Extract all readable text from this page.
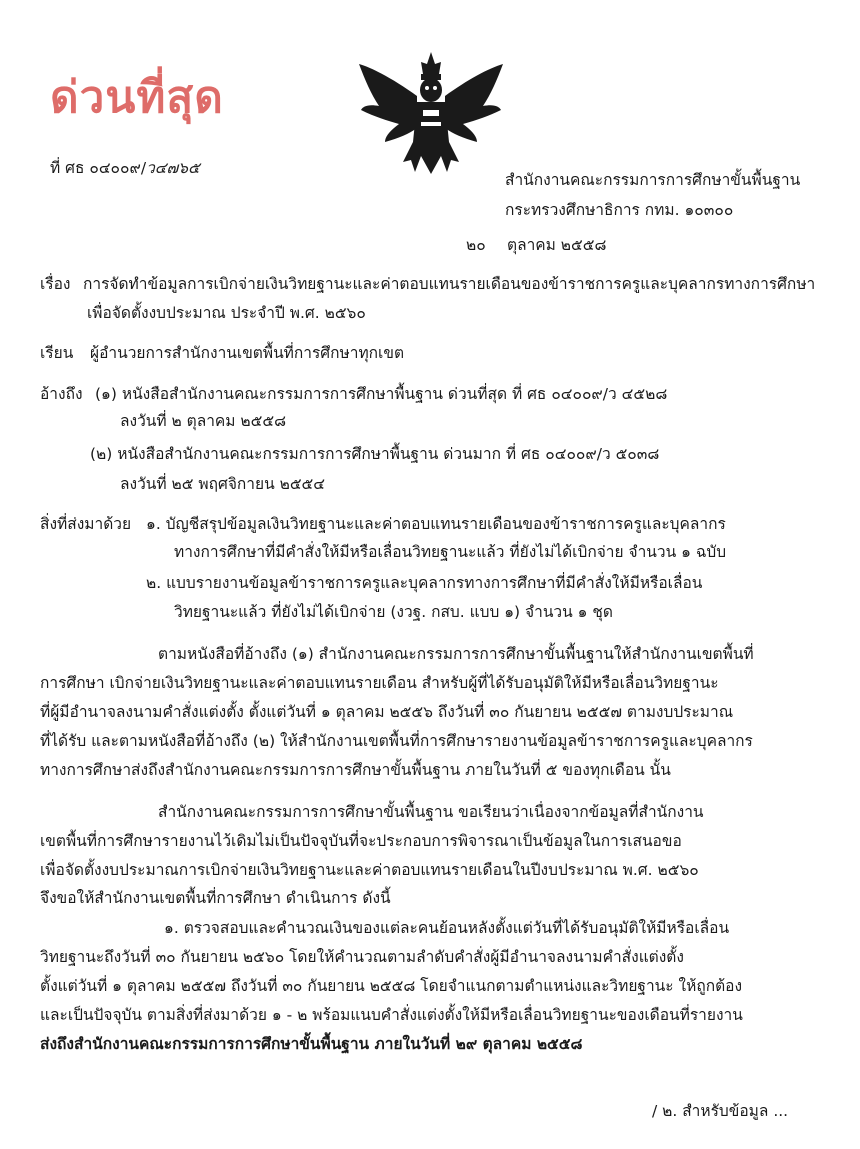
ด่วนที่สุด
ที่ ศธ ๐๔๐๐๙/ว๔๗๖๕
สำนักงานคณะกรรมการการศึกษาขั้นพื้นฐาน
กระทรวงศึกษาธิการ กทม. ๑๐๓๐๐
๒๐ ตุลาคม ๒๕๕๘
เรื่อง การจัดทำข้อมูลการเบิกจ่ายเงินวิทยฐานะและค่าตอบแทนรายเดือนของข้าราชการครูและบุคลากรทางการศึกษา
เพื่อจัดตั้งงบประมาณ ประจำปี พ.ศ. ๒๕๖๐
เรียน ผู้อำนวยการสำนักงานเขตพื้นที่การศึกษาทุกเขต
อ้างถึง (๑) หนังสือสำนักงานคณะกรรมการการศึกษาพื้นฐาน ด่วนที่สุด ที่ ศธ ๐๔๐๐๙/ว ๔๕๒๘
ลงวันที่ ๒ ตุลาคม ๒๕๕๘
(๒) หนังสือสำนักงานคณะกรรมการการศึกษาพื้นฐาน ด่วนมาก ที่ ศธ ๐๔๐๐๙/ว ๕๐๓๘
ลงวันที่ ๒๕ พฤศจิกายน ๒๕๕๔
สิ่งที่ส่งมาด้วย ๑. บัญชีสรุปข้อมูลเงินวิทยฐานะและค่าตอบแทนรายเดือนของข้าราชการครูและบุคลากร
ทางการศึกษาที่มีคำสั่งให้มีหรือเลื่อนวิทยฐานะแล้ว ที่ยังไม่ได้เบิกจ่าย จำนวน ๑ ฉบับ
๒. แบบรายงานข้อมูลข้าราชการครูและบุคลากรทางการศึกษาที่มีคำสั่งให้มีหรือเลื่อน
วิทยฐานะแล้ว ที่ยังไม่ได้เบิกจ่าย (งวฐ. กสบ. แบบ ๑) จำนวน ๑ ชุด
ตามหนังสือที่อ้างถึง (๑) สำนักงานคณะกรรมการการศึกษาขั้นพื้นฐานให้สำนักงานเขตพื้นที่
การศึกษา เบิกจ่ายเงินวิทยฐานะและค่าตอบแทนรายเดือน สำหรับผู้ที่ได้รับอนุมัติให้มีหรือเลื่อนวิทยฐานะ
ที่ผู้มีอำนาจลงนามคำสั่งแต่งตั้ง ตั้งแต่วันที่ ๑ ตุลาคม ๒๕๕๖ ถึงวันที่ ๓๐ กันยายน ๒๕๕๗ ตามงบประมาณ
ที่ได้รับ และตามหนังสือที่อ้างถึง (๒) ให้สำนักงานเขตพื้นที่การศึกษารายงานข้อมูลข้าราชการครูและบุคลากร
ทางการศึกษาส่งถึงสำนักงานคณะกรรมการการศึกษาขั้นพื้นฐาน ภายในวันที่ ๕ ของทุกเดือน นั้น
สำนักงานคณะกรรมการการศึกษาขั้นพื้นฐาน ขอเรียนว่าเนื่องจากข้อมูลที่สำนักงาน
เขตพื้นที่การศึกษารายงานไว้เดิมไม่เป็นปัจจุบันที่จะประกอบการพิจารณาเป็นข้อมูลในการเสนอขอ
เพื่อจัดตั้งงบประมาณการเบิกจ่ายเงินวิทยฐานะและค่าตอบแทนรายเดือนในปีงบประมาณ พ.ศ. ๒๕๖๐
จึงขอให้สำนักงานเขตพื้นที่การศึกษา ดำเนินการ ดังนี้
๑. ตรวจสอบและคำนวณเงินของแต่ละคนย้อนหลังตั้งแต่วันที่ได้รับอนุมัติให้มีหรือเลื่อน
วิทยฐานะถึงวันที่ ๓๐ กันยายน ๒๕๖๐ โดยให้คำนวณตามลำดับคำสั่งผู้มีอำนาจลงนามคำสั่งแต่งตั้ง
ตั้งแต่วันที่ ๑ ตุลาคม ๒๕๕๗ ถึงวันที่ ๓๐ กันยายน ๒๕๕๘ โดยจำแนกตามตำแหน่งและวิทยฐานะ ให้ถูกต้อง
และเป็นปัจจุบัน ตามสิ่งที่ส่งมาด้วย ๑ - ๒ พร้อมแนบคำสั่งแต่งตั้งให้มีหรือเลื่อนวิทยฐานะของเดือนที่รายงาน
ส่งถึงสำนักงานคณะกรรมการการศึกษาขั้นพื้นฐาน ภายในวันที่ ๒๙ ตุลาคม ๒๕๕๘
/ ๒. สำหรับข้อมูล ...
